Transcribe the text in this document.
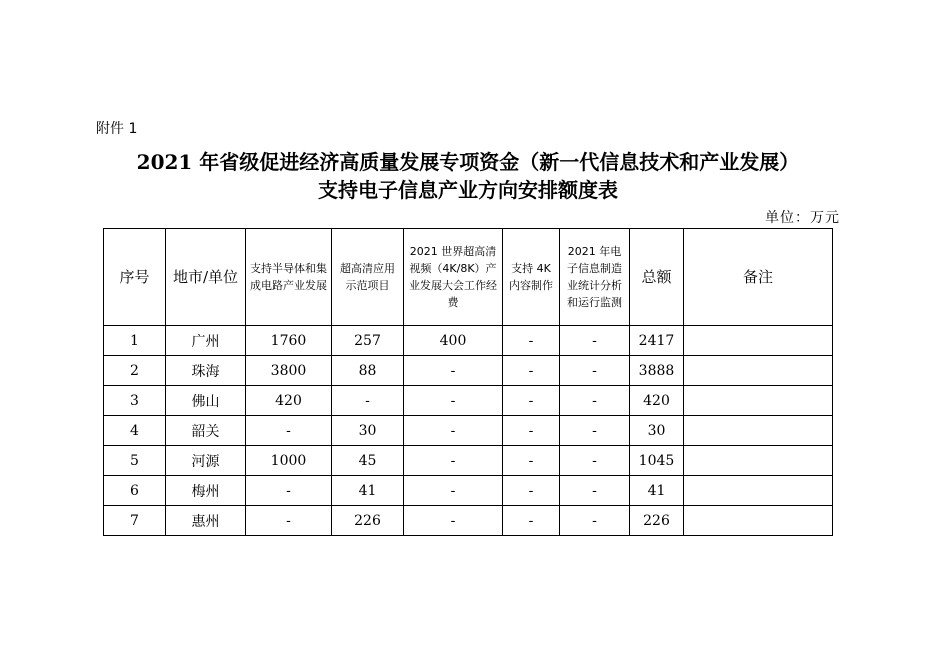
附件 1
2021 年省级促进经济高质量发展专项资金（新一代信息技术和产业发展）
支持电子信息产业方向安排额度表
单位：万元
序号	地市/单位	支持半导体和集成电路产业发展	超高清应用示范项目	2021 世界超高清视频（4K/8K）产业发展大会工作经费	支持 4K 内容制作	2021 年电子信息制造业统计分析和运行监测	总额	备注
1	广州	1760	257	400	-	-	2417	
2	珠海	3800	88	-	-	-	3888	
3	佛山	420	-	-	-	-	420	
4	韶关	-	30	-	-	-	30	
5	河源	1000	45	-	-	-	1045	
6	梅州	-	41	-	-	-	41	
7	惠州	-	226	-	-	-	226	
